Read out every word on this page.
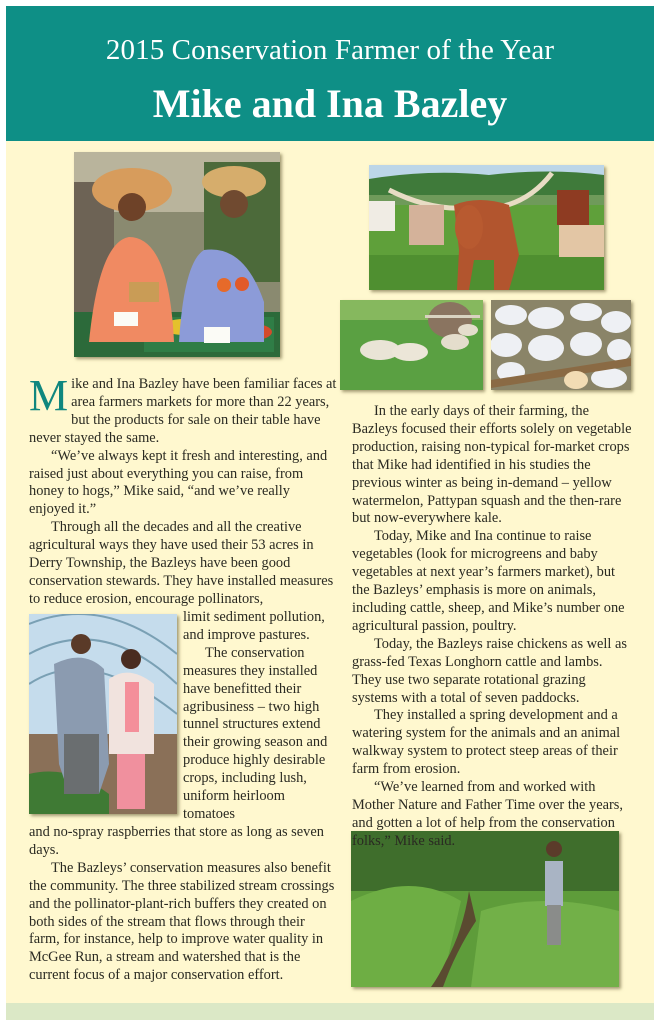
2015 Conservation Farmer of the Year
Mike and Ina Bazley

Mike and Ina Bazley have been familiar faces at area farmers markets for more than 22 years, but the products for sale on their table have never stayed the same.

“We’ve always kept it fresh and interesting, and raised just about everything you can raise, from honey to hogs,” Mike said, “and we’ve really enjoyed it.”

Through all the decades and all the creative agricultural ways they have used their 53 acres in Derry Township, the Bazleys have been good conservation stewards. They have installed measures to reduce erosion, encourage pollinators,

limit sediment pollution, and improve pastures.

The conservation measures they installed have benefitted their agribusiness – two high tunnel structures extend their growing season and produce highly desirable crops, including lush, uniform heirloom tomatoes

and no-spray raspberries that store as long as seven days.

The Bazleys’ conservation measures also benefit the community. The three stabilized stream crossings and the pollinator-plant-rich buffers they created on both sides of the stream that flows through their farm, for instance, help to improve water quality in McGee Run, a stream and watershed that is the current focus of a major conservation effort.

In the early days of their farming, the Bazleys focused their efforts solely on vegetable production, raising non-typical for-market crops that Mike had identified in his studies the previous winter as being in-demand – yellow watermelon, Pattypan squash and the then-rare but now-everywhere kale.

Today, Mike and Ina continue to raise vegetables (look for microgreens and baby vegetables at next year’s farmers market), but the Bazleys’ emphasis is more on animals, including cattle, sheep, and Mike’s number one agricultural passion, poultry.

Today, the Bazleys raise chickens as well as grass-fed Texas Longhorn cattle and lambs. They use two separate rotational grazing systems with a total of seven paddocks.

They installed a spring development and a watering system for the animals and an animal walkway system to protect steep areas of their farm from erosion.

“We’ve learned from and worked with Mother Nature and Father Time over the years, and gotten a lot of help from the conservation folks,” Mike said.
